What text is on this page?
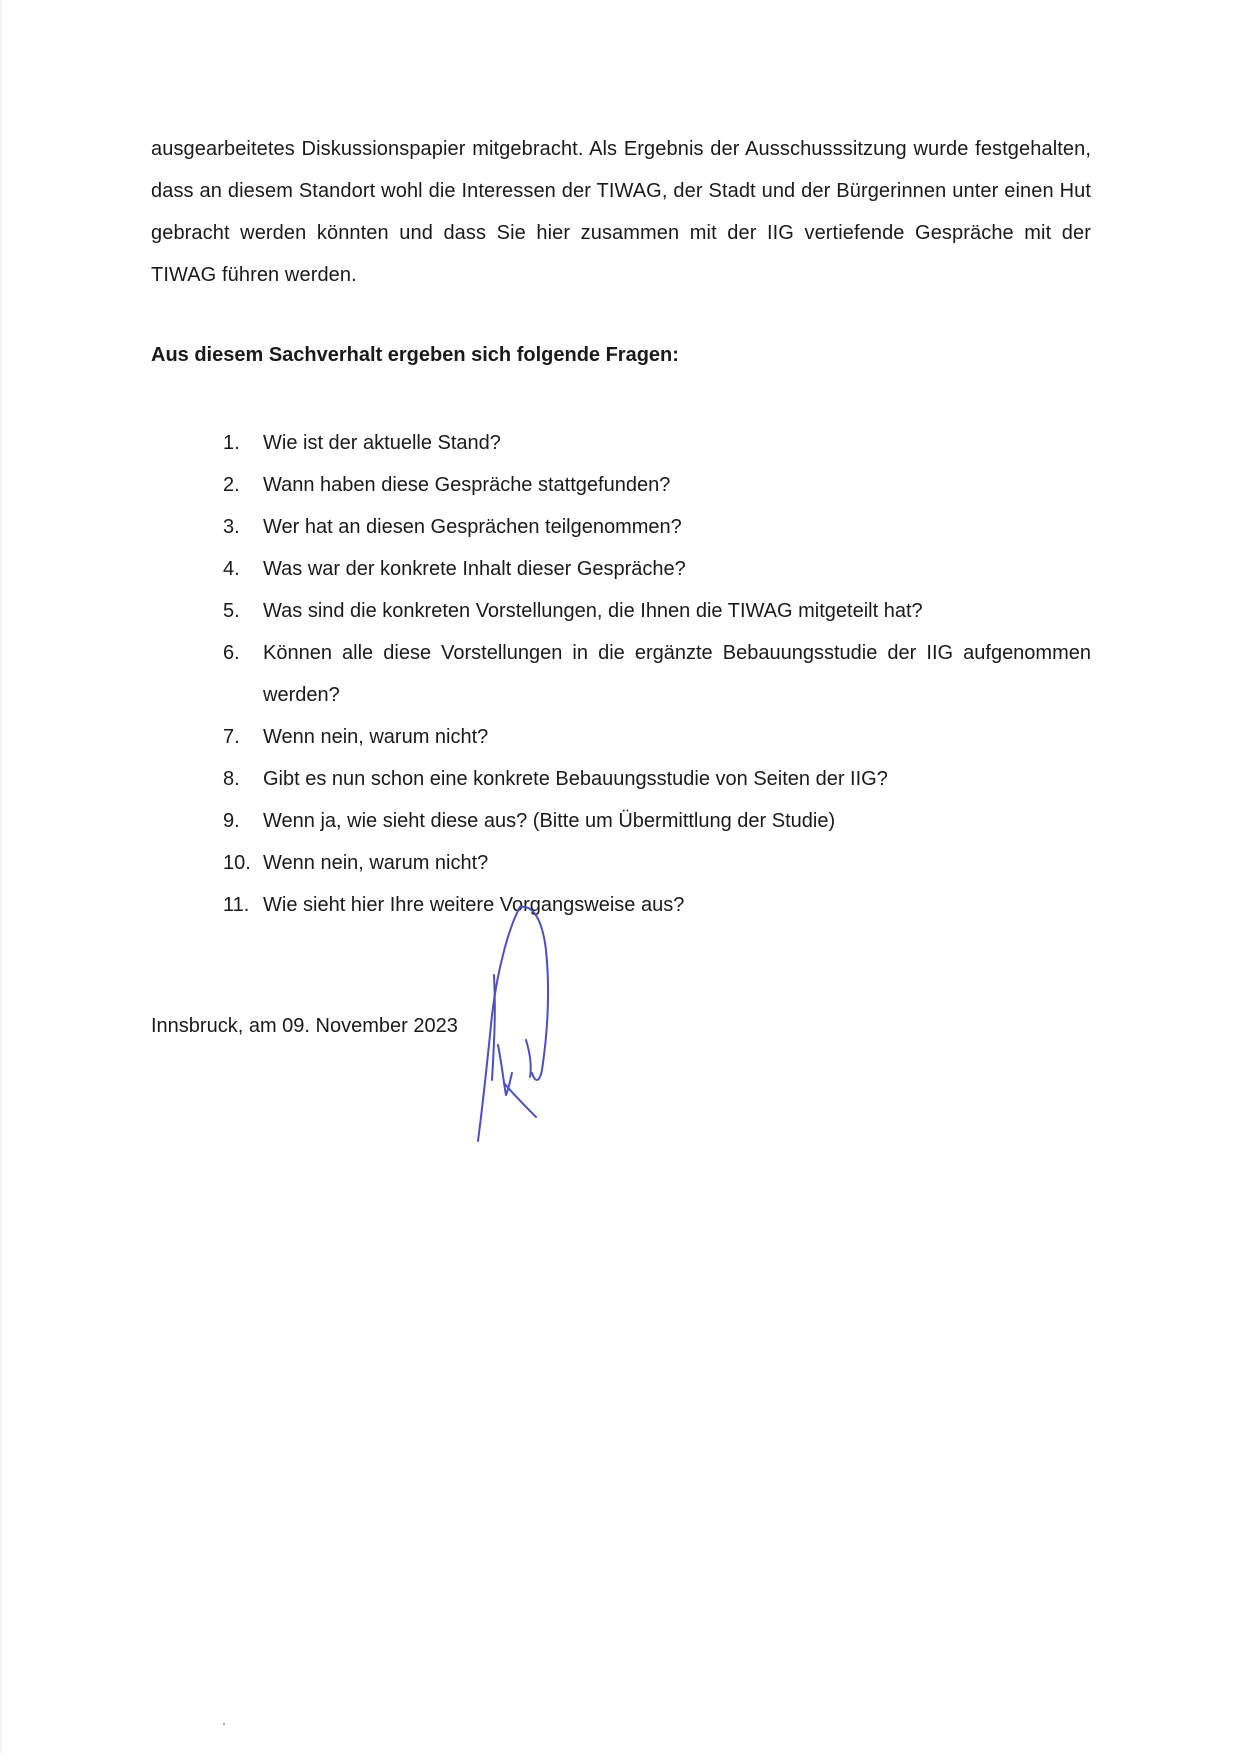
ausgearbeitetes Diskussionspapier mitgebracht. Als Ergebnis der Ausschusssitzung wurde festgehalten, dass an diesem Standort wohl die Interessen der TIWAG, der Stadt und der Bürgerinnen unter einen Hut gebracht werden könnten und dass Sie hier zusammen mit der IIG vertiefende Gespräche mit der TIWAG führen werden.

Aus diesem Sachverhalt ergeben sich folgende Fragen:
1.	Wie ist der aktuelle Stand?
2.	Wann haben diese Gespräche stattgefunden?
3.	Wer hat an diesen Gesprächen teilgenommen?
4.	Was war der konkrete Inhalt dieser Gespräche?
5.	Was sind die konkreten Vorstellungen, die Ihnen die TIWAG mitgeteilt hat?
6.	Können alle diese Vorstellungen in die ergänzte Bebauungsstudie der IIG aufgenommen werden?
7.	Wenn nein, warum nicht?
8.	Gibt es nun schon eine konkrete Bebauungsstudie von Seiten der IIG?
9.	Wenn ja, wie sieht diese aus? (Bitte um Übermittlung der Studie)
10. Wenn nein, warum nicht?
11. Wie sieht hier Ihre weitere Vorgangsweise aus?
Innsbruck, am 09. November 2023
